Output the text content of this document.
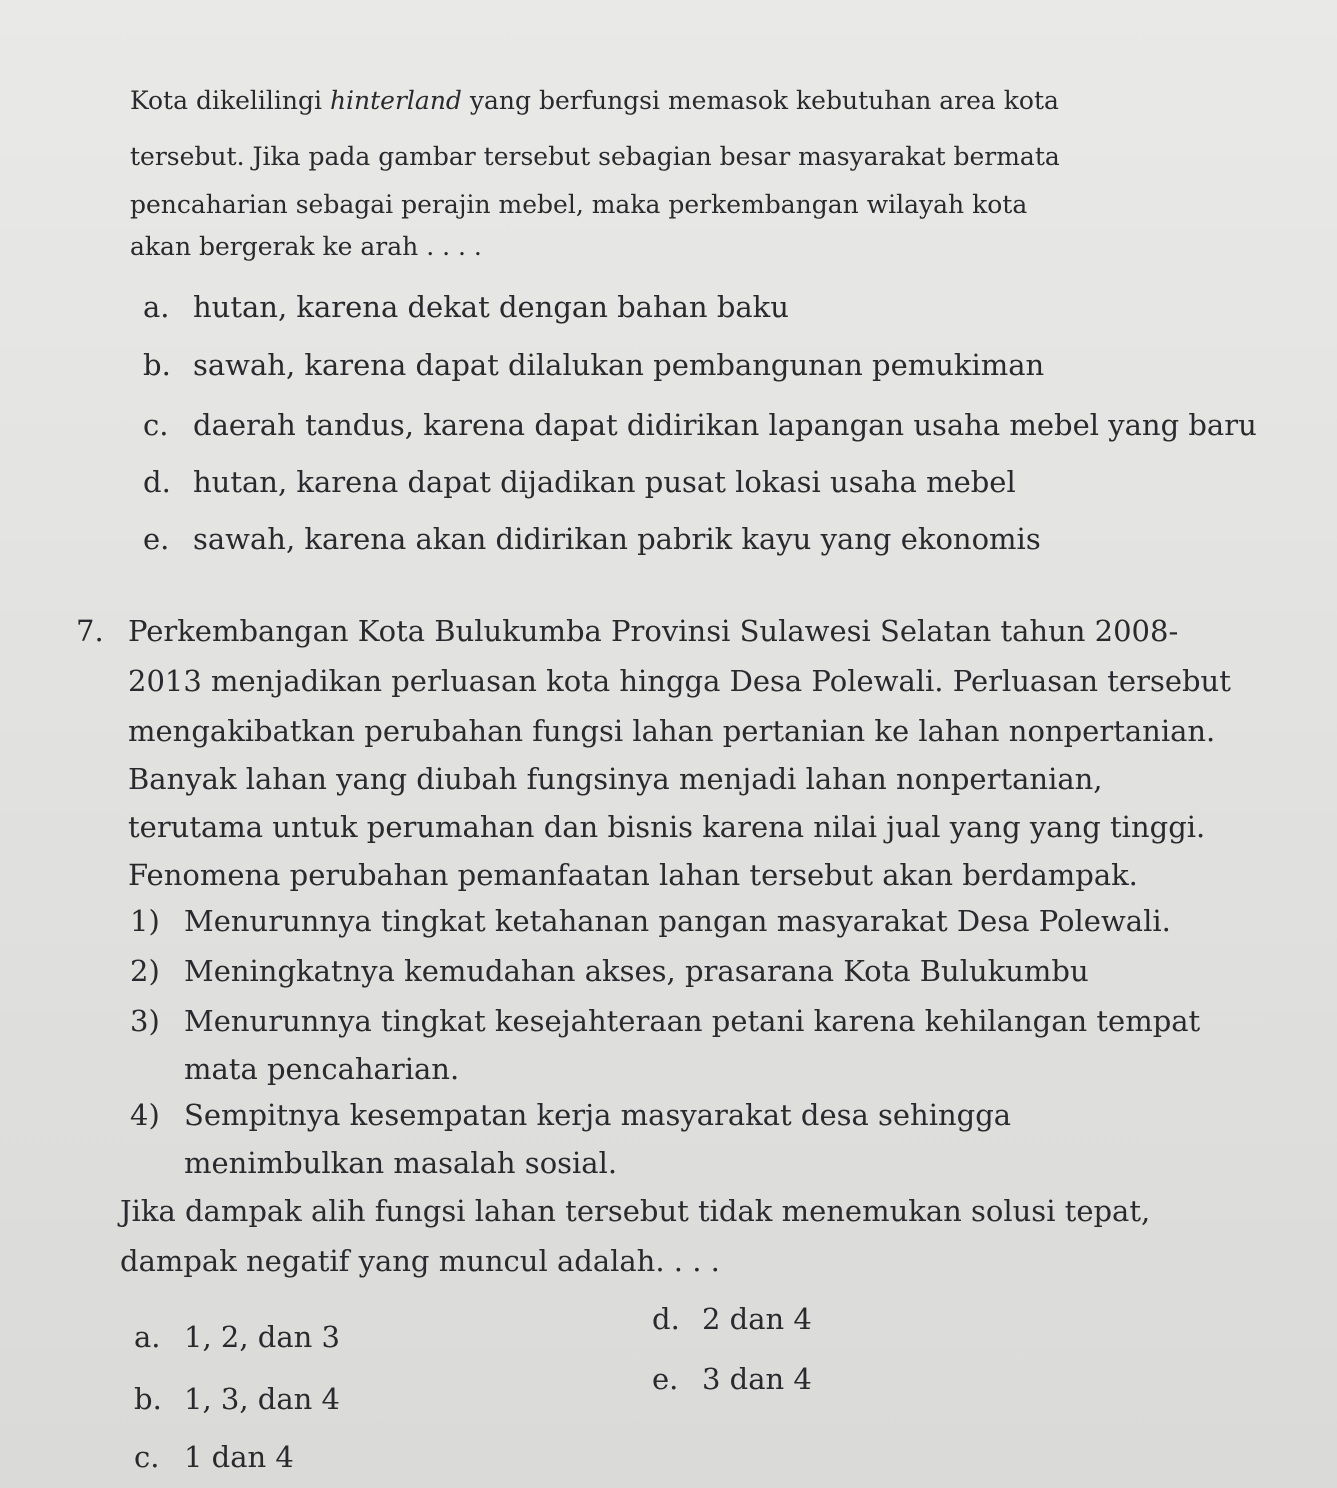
Kota dikelilingi hinterland yang berfungsi memasok kebutuhan area kota
tersebut. Jika pada gambar tersebut sebagian besar masyarakat bermata
pencaharian sebagai perajin mebel, maka perkembangan wilayah kota
akan bergerak ke arah . . . .
a. hutan, karena dekat dengan bahan baku
b. sawah, karena dapat dilalukan pembangunan pemukiman
c. daerah tandus, karena dapat didirikan lapangan usaha mebel yang baru
d. hutan, karena dapat dijadikan pusat lokasi usaha mebel
e. sawah, karena akan didirikan pabrik kayu yang ekonomis
7. Perkembangan Kota Bulukumba Provinsi Sulawesi Selatan tahun 2008-
2013 menjadikan perluasan kota hingga Desa Polewali. Perluasan tersebut
mengakibatkan perubahan fungsi lahan pertanian ke lahan nonpertanian.
Banyak lahan yang diubah fungsinya menjadi lahan nonpertanian,
terutama untuk perumahan dan bisnis karena nilai jual yang yang tinggi.
Fenomena perubahan pemanfaatan lahan tersebut akan berdampak.
1) Menurunnya tingkat ketahanan pangan masyarakat Desa Polewali.
2) Meningkatnya kemudahan akses, prasarana Kota Bulukumbu
3) Menurunnya tingkat kesejahteraan petani karena kehilangan tempat
mata pencaharian.
4) Sempitnya kesempatan kerja masyarakat desa sehingga
menimbulkan masalah sosial.
Jika dampak alih fungsi lahan tersebut tidak menemukan solusi tepat,
dampak negatif yang muncul adalah. . . .
a. 1, 2, dan 3
b. 1, 3, dan 4
c. 1 dan 4
d. 2 dan 4
e. 3 dan 4
